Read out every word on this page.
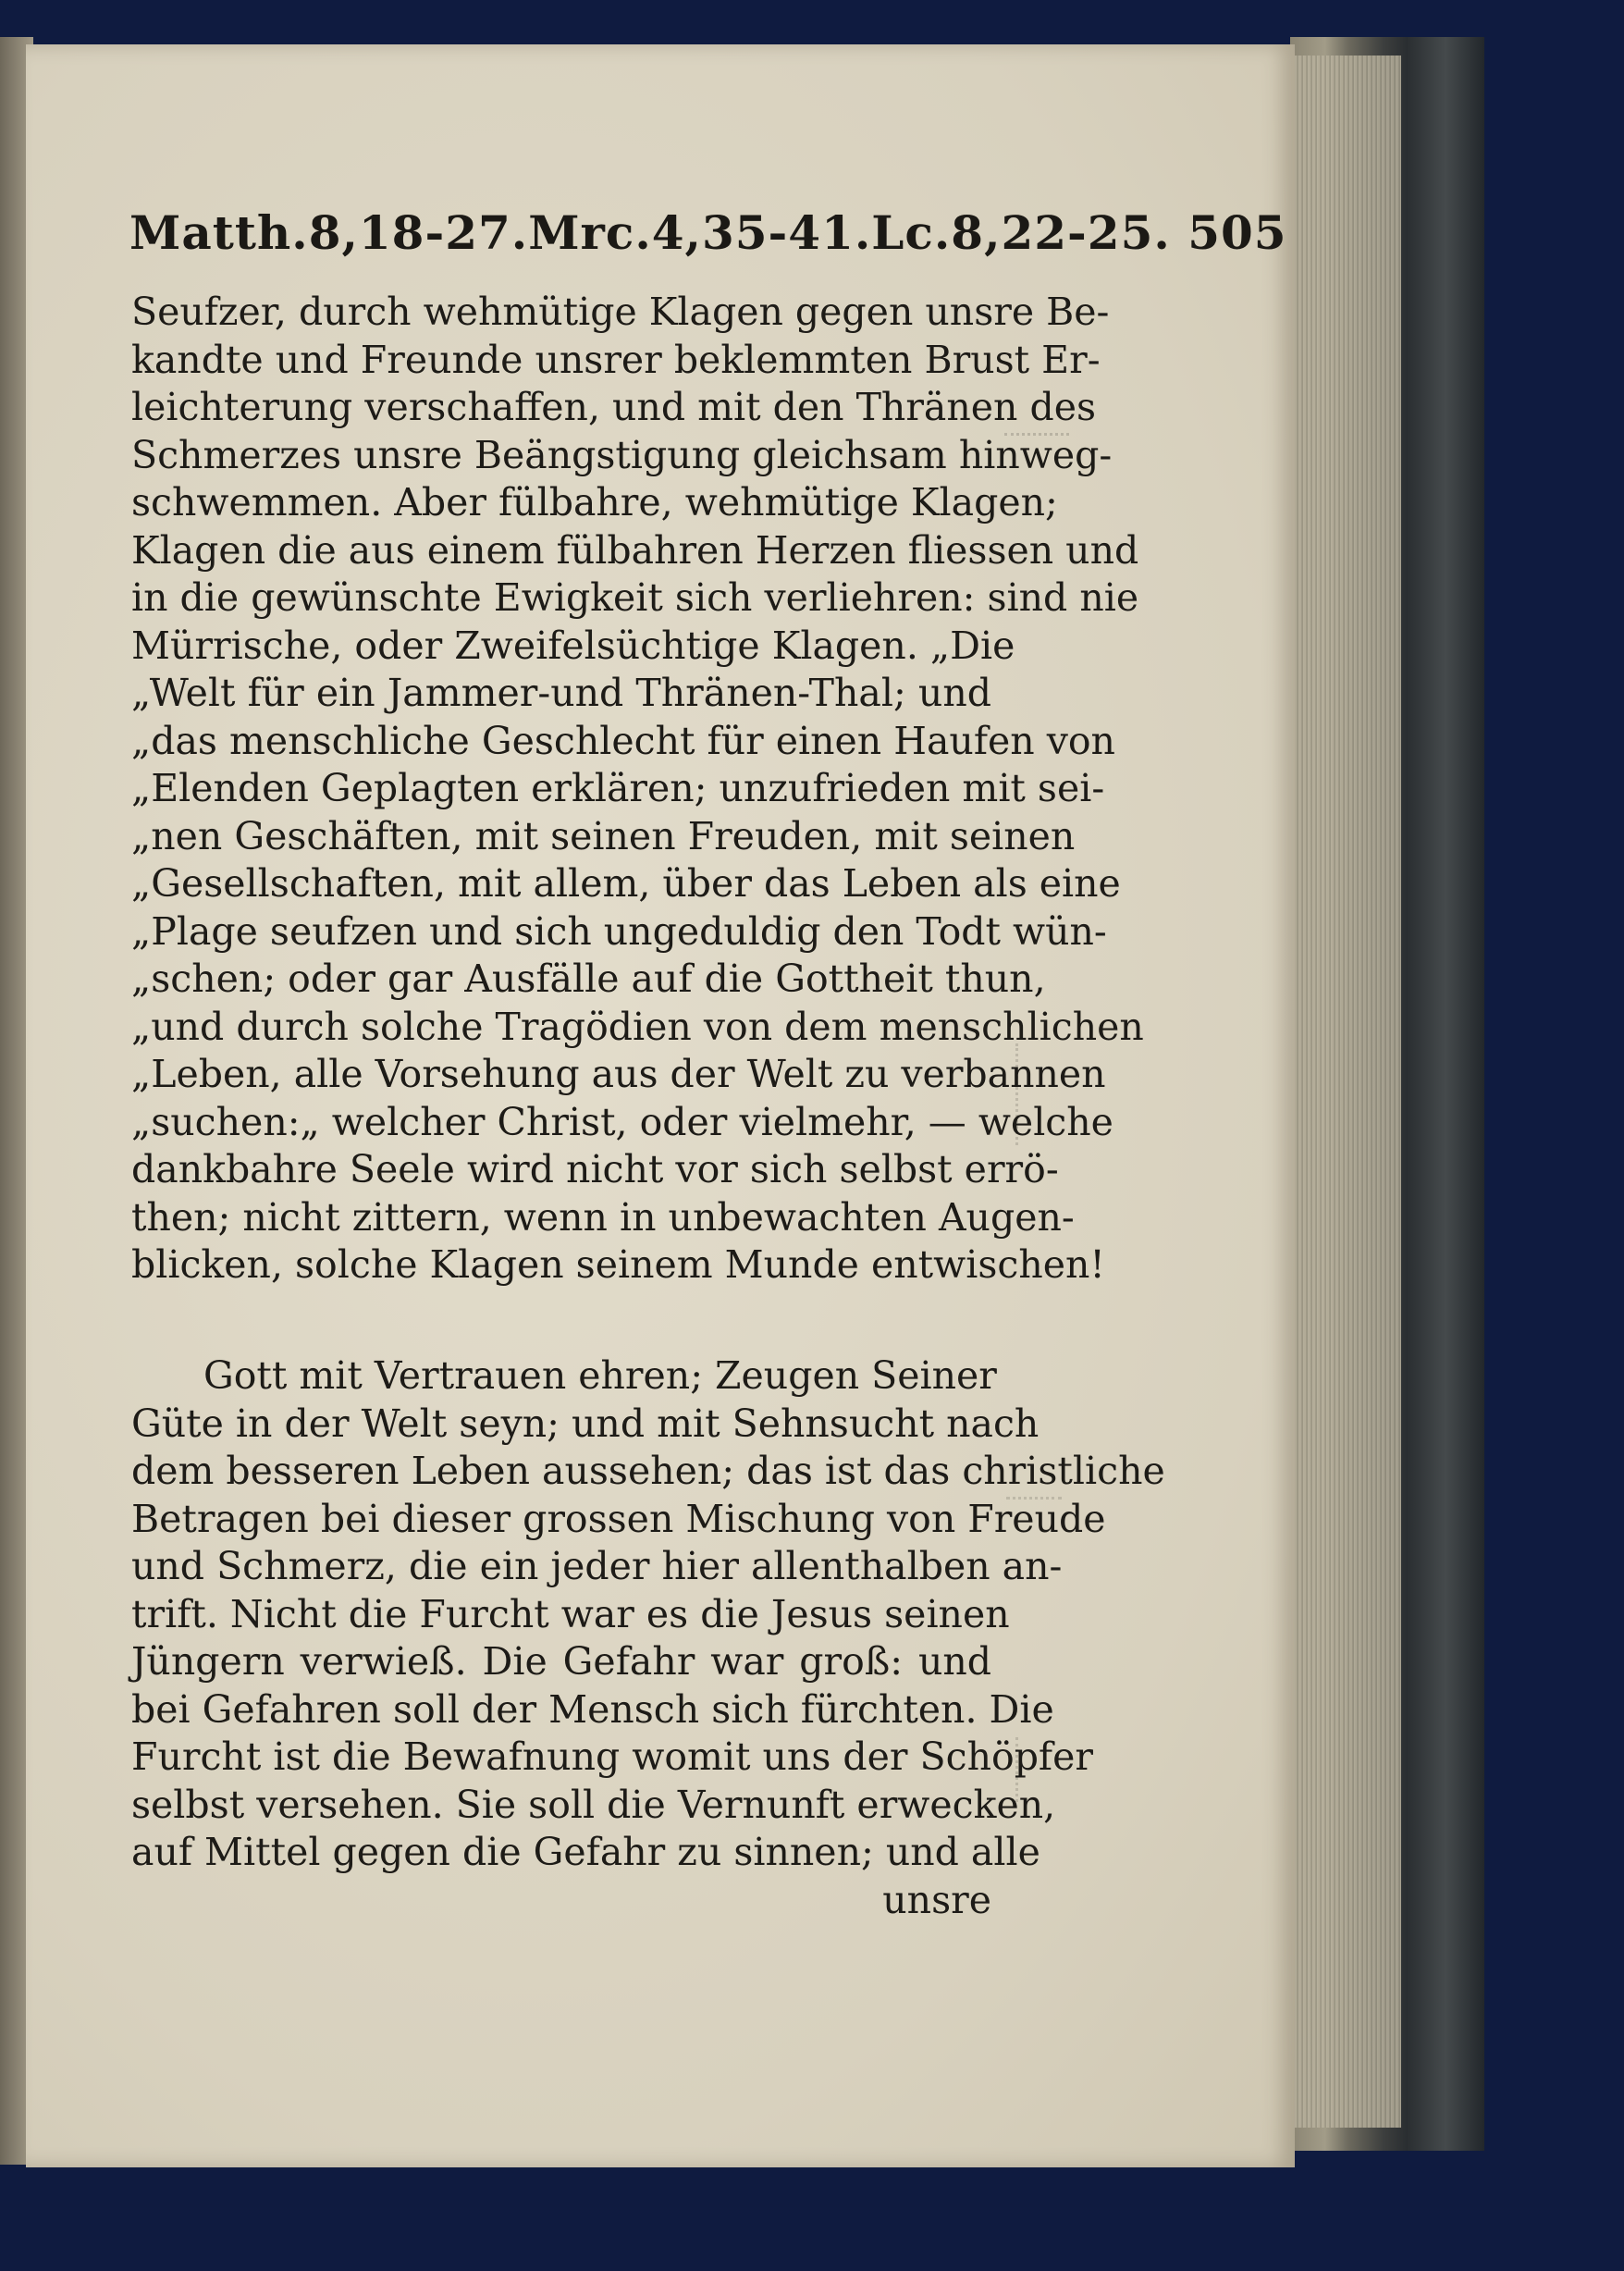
Matth.8,18-27.Mrc.4,35-41.Lc.8,22-25. 505
Seufzer, durch wehmütige Klagen gegen unsre Be-
kandte und Freunde unsrer beklemmten Brust Er-
leichterung verschaffen, und mit den Thränen des
Schmerzes unsre Beängstigung gleichsam hinweg-
schwemmen. Aber fülbahre, wehmütige Klagen;
Klagen die aus einem fülbahren Herzen fliessen und
in die gewünschte Ewigkeit sich verliehren: sind nie
Mürrische, oder Zweifelsüchtige Klagen. „Die
„Welt für ein Jammer-und Thränen-Thal; und
„das menschliche Geschlecht für einen Haufen von
„Elenden Geplagten erklären; unzufrieden mit sei-
„nen Geschäften, mit seinen Freuden, mit seinen
„Gesellschaften, mit allem, über das Leben als eine
„Plage seufzen und sich ungeduldig den Todt wün-
„schen; oder gar Ausfälle auf die Gottheit thun,
„und durch solche Tragödien von dem menschlichen
„Leben, alle Vorsehung aus der Welt zu verbannen
„suchen:„ welcher Christ, oder vielmehr, — welche
dankbahre Seele wird nicht vor sich selbst errö-
then; nicht zittern, wenn in unbewachten Augen-
blicken, solche Klagen seinem Munde entwischen!
Gott mit Vertrauen ehren; Zeugen Seiner
Güte in der Welt seyn; und mit Sehnsucht nach
dem besseren Leben aussehen; das ist das christliche
Betragen bei dieser grossen Mischung von Freude
und Schmerz, die ein jeder hier allenthalben an-
trift. Nicht die Furcht war es die Jesus seinen
Jüngern verwieß. Die Gefahr war groß: und
bei Gefahren soll der Mensch sich fürchten. Die
Furcht ist die Bewafnung womit uns der Schöpfer
selbst versehen. Sie soll die Vernunft erwecken,
auf Mittel gegen die Gefahr zu sinnen; und alle
unsre
